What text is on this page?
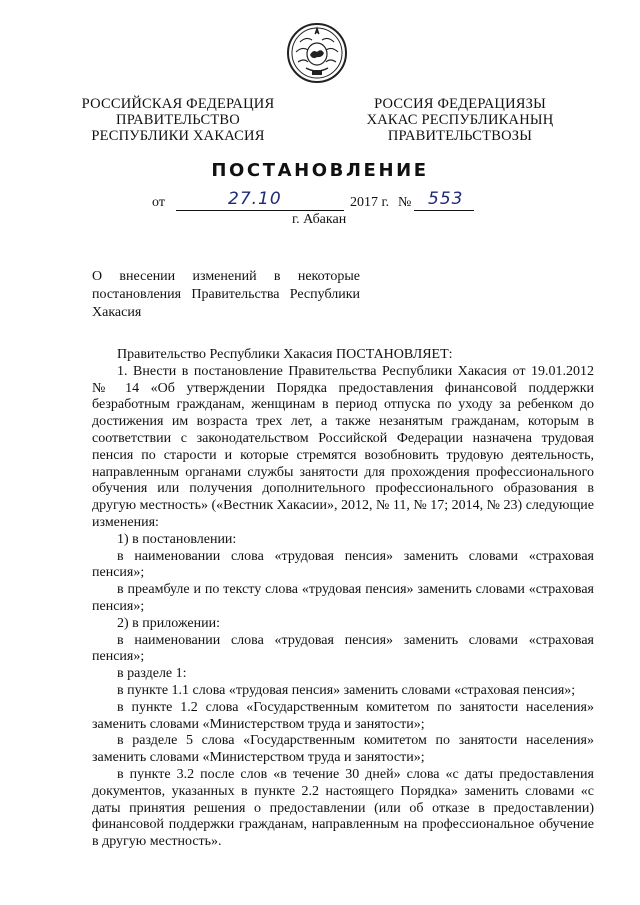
РОССИЙСКАЯ ФЕДЕРАЦИЯ
ПРАВИТЕЛЬСТВО
РЕСПУБЛИКИ ХАКАСИЯ
РОССИЯ ФЕДЕРАЦИЯЗЫ
ХАКАС РЕСПУБЛИКАНЫҢ
ПРАВИТЕЛЬСТВОЗЫ
ПОСТАНОВЛЕНИЕ
от	27.10	2017 г. № 553
г. Абакан
О внесении изменений в некоторые
постановления Правительства Республики
Хакасия

Правительство Республики Хакасия ПОСТАНОВЛЯЕТ:

1. Внести в постановление Правительства Республики Хакасия от 19.01.2012 № 14 «Об утверждении Порядка предоставления финансовой поддержки безработным гражданам, женщинам в период отпуска по уходу за ребенком до достижения им возраста трех лет, а также незанятым гражданам, которым в соответствии с законодательством Российской Федерации назначена трудовая пенсия по старости и которые стремятся возобновить трудовую деятельность, направленным органами службы занятости для прохождения профессионального обучения или получения дополнительного профессионального образования в другую местность» («Вестник Хакасии», 2012, № 11, № 17; 2014, № 23) следующие изменения:

1) в постановлении:

в наименовании слова «трудовая пенсия» заменить словами «страховая пенсия»;

в преамбуле и по тексту слова «трудовая пенсия» заменить словами «страховая пенсия»;

2) в приложении:

в наименовании слова «трудовая пенсия» заменить словами «страховая пенсия»;

в разделе 1:

в пункте 1.1 слова «трудовая пенсия» заменить словами «страховая пенсия»;

в пункте 1.2 слова «Государственным комитетом по занятости населения» заменить словами «Министерством труда и занятости»;

в разделе 5 слова «Государственным комитетом по занятости населения» заменить словами «Министерством труда и занятости»;

в пункте 3.2 после слов «в течение 30 дней» слова «с даты предоставления документов, указанных в пункте 2.2 настоящего Порядка» заменить словами «с даты принятия решения о предоставлении (или об отказе в предоставлении) финансовой поддержки гражданам, направленным на профессиональное обучение в другую местность».
